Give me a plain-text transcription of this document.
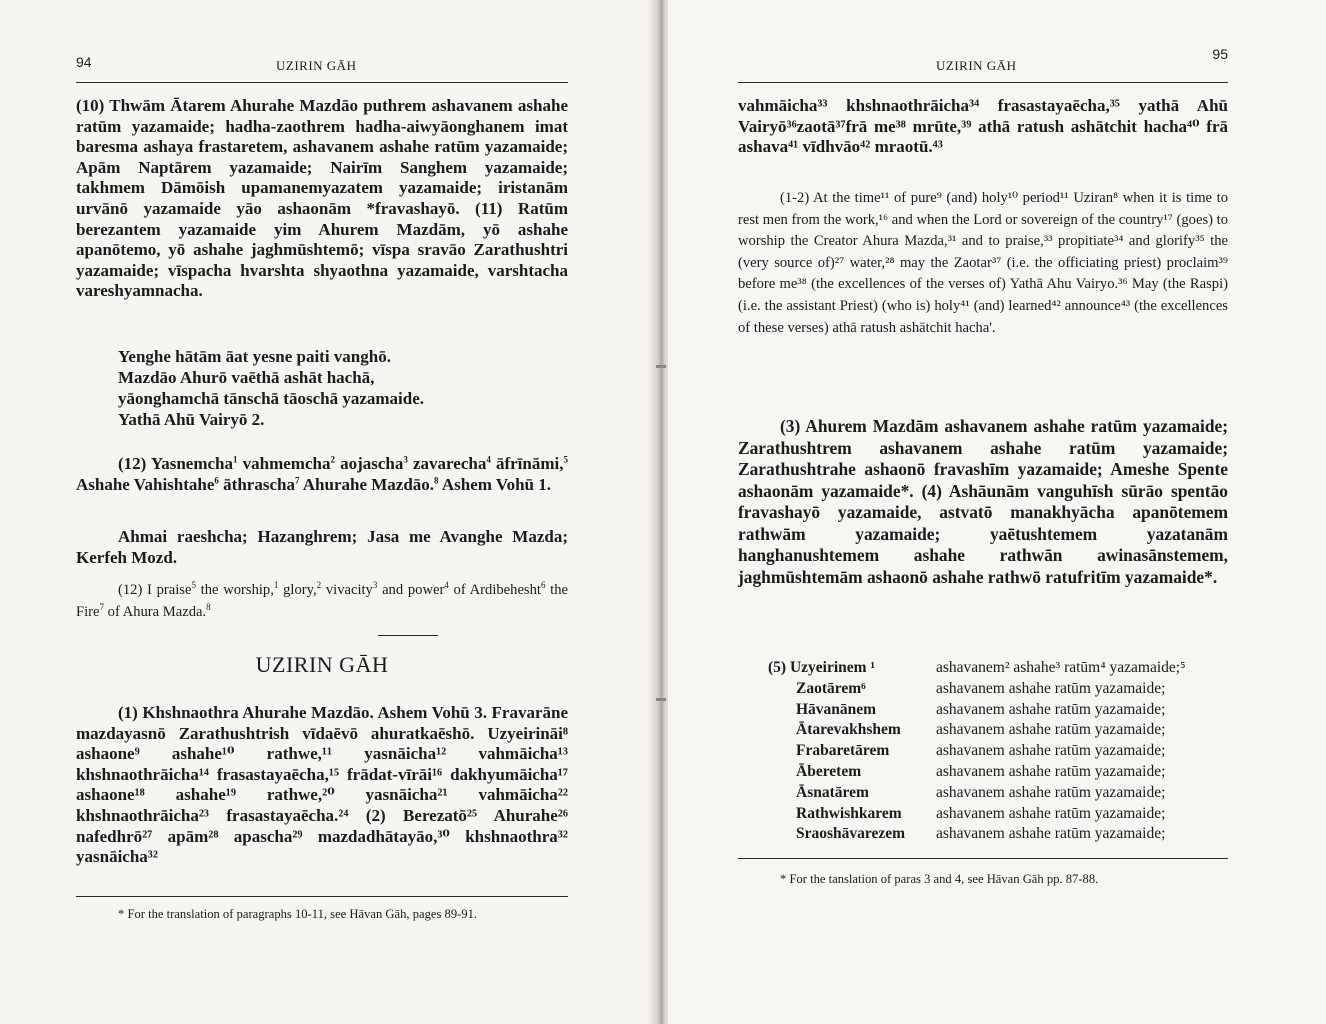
94	UZIRIN GĀH

(10) Thwām Ātarem Ahurahe Mazdāo puthrem ashavanem ashahe ratūm yazamaide; hadha-zaothrem hadha-aiwyāonghanem imat baresma ashaya frastaretem, ashavanem ashahe ratūm yazamaide; Apām Naptārem yazamaide; Nairīm Sanghem yazamaide; takhmem Dāmōish upamanemyazatem yazamaide; iristanām urvānō yazamaide yāo ashaonām *fravashayō. (11) Ratūm berezantem yazamaide yim Ahurem Mazdām, yō ashahe apanōtemo, yō ashahe jaghmūshtemō; vīspa sravāo Zarathushtri yazamaide; vīspacha hvarshta shyaothna yazamaide, varshtacha vareshyamnacha.

Yenghe hātām āat yesne paiti vanghō.
Mazdāo Ahurō vaēthā ashāt hachā,
yāonghamchā tānschā tāoschā yazamaide.
Yathā Ahū Vairyō 2.

(12) Yasnemcha$^1$ vahmemcha$^2$ aojascha$^3$ zavarecha$^4$ āfrīnāmi,$^5$ Ashahe Vahishtahe$^6$ āthrascha$^7$ Ahurahe Mazdāo.$^8$ Ashem Vohū 1.

Ahmai raeshcha; Hazanghrem; Jasa me Avanghe Mazda; Kerfeh Mozd.

(12) I praise$^5$ the worship,$^1$ glory,$^2$ vivacity$^3$ and power$^4$ of Ardibehesht$^6$ the Fire$^7$ of Ahura Mazda.$^8$

UZIRIN GĀH

(1) Khshnaothra Ahurahe Mazdāo. Ashem Vohū 3. Fravarāne mazdayasnō Zarathushtrish vīdaēvō ahuratkaēshō. Uzyeirināi⁸ ashaone⁹ ashahe¹⁰ rathwe,¹¹ yasnāicha¹² vahmāicha¹³ khshnaothrāicha¹⁴ frasastayaēcha,¹⁵ frādat-vīrāi¹⁶ dakhyumāicha¹⁷ ashaone¹⁸ ashahe¹⁹ rathwe,²⁰ yasnāicha²¹ vahmāicha²² khshnaothrāicha²³ frasastayaēcha.²⁴ (2) Berezatō²⁵ Ahurahe²⁶ nafedhrō²⁷ apām²⁸ apascha²⁹ mazdadhātayāo,³⁰ khshnaothra³² yasnāicha³²

* For the translation of paragraphs 10-11, see Hāvan Gāh, pages 89-91.

UZIRIN GĀH
95

vahmāicha³³ khshnaothrāicha³⁴ frasastayaēcha,³⁵ yathā Ahū Vairyō³⁶zaotā³⁷frā me³⁸ mrūte,³⁹ athā ratush ashātchit hacha⁴⁰ frā ashava⁴¹ vīdhvāo⁴² mraotū.⁴³

(1-2) At the time¹¹ of pure⁹ (and) holy¹⁰ period¹¹ Uziran⁸ when it is time to rest men from the work,¹⁶ and when the Lord or sovereign of the country¹⁷ (goes) to worship the Creator Ahura Mazda,³¹ and to praise,³³ propitiate³⁴ and glorify³⁵ the (very source of)²⁷ water,²⁸ may the Zaotar³⁷ (i.e. the officiating priest) proclaim³⁹ before me³⁸ (the excellences of the verses of) Yathā Ahu Vairyo.³⁶ May (the Raspi) (i.e. the assistant Priest) (who is) holy⁴¹ (and) learned⁴² announce⁴³ (the excellences of these verses) athā ratush ashātchit hacha'.

(3) Ahurem Mazdām ashavanem ashahe ratūm yazamaide; Zarathushtrem ashavanem ashahe ratūm yazamaide; Zarathushtrahe ashaonō fravashīm yazamaide; Ameshe Spente ashaonām yazamaide*. (4) Ashāunām vanguhīsh sūrāo spentāo fravashayō yazamaide, astvatō manakhyācha apanōtemem rathwām yazamaide; yaētushtemem yazatanām hanghanushtemem ashahe rathwān awinasānstemem, jaghmūshtemām ashaonō ashahe rathwō ratufritīm yazamaide*.

(5) Uzyeirinem ¹	ashavanem² ashahe³ ratūm⁴ yazamaide;⁵
Zaotārem⁶	ashavanem ashahe ratūm yazamaide;
Hāvanānem	ashavanem ashahe ratūm yazamaide;
Ātarevakhshem	ashavanem ashahe ratūm yazamaide;
Frabaretārem	ashavanem ashahe ratūm yazamaide;
Āberetem	ashavanem ashahe ratūm yazamaide;
Āsnatārem	ashavanem ashahe ratūm yazamaide;
Rathwishkarem	ashavanem ashahe ratūm yazamaide;
Sraoshāvarezem	ashavanem ashahe ratūm yazamaide;

* For the tanslation of paras 3 and 4, see Hāvan Gāh pp. 87-88.
